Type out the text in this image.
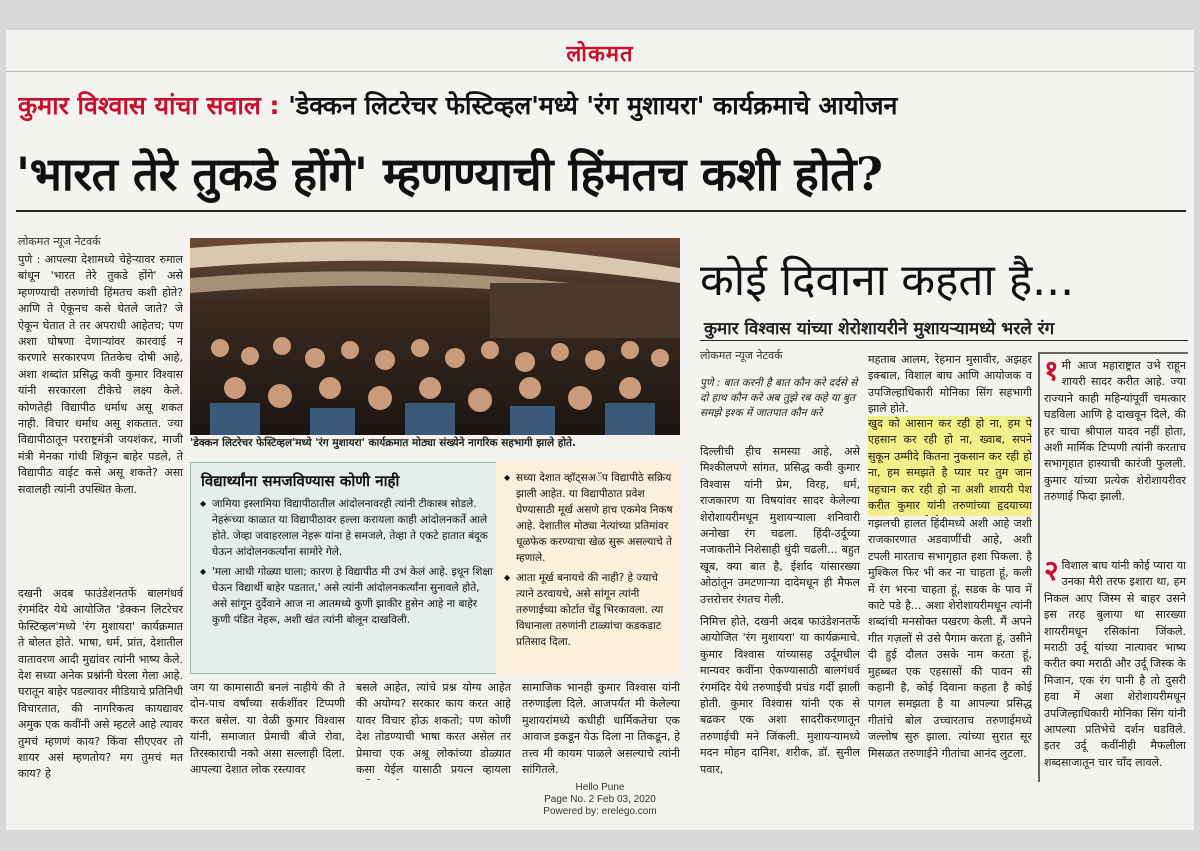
लोकमत
कुमार विश्वास यांचा सवाल : 'डेक्कन लिटरेचर फेस्टिव्हल'मध्ये 'रंग मुशायरा' कार्यक्रमाचे आयोजन
'भारत तेरे तुकडे होंगे' म्हणण्याची हिंमतच कशी होते?
लोकमत न्यूज नेटवर्क
पुणे : आपल्या देशामध्ये चेहेऱ्यावर रुमाल बांधून 'भारत तेरे तुकडे होंगे' असे म्हणण्याची तरुणांची हिंमतच कशी होते? आणि ते ऐकूनच कसे घेतले जाते? जे ऐकून घेतात ते तर अपराधी आहेतच; पण अशा घोषणा देणाऱ्यांवर कारवाई न करणारे सरकारपण तितकेच दोषी आहे, अशा शब्दांत प्रसिद्ध कवी कुमार विश्वास यांनी सरकारला टीकेचे लक्ष्य केले. कोणतेही विद्यापीठ धर्माध असू शकत नाही. विचार धर्माध असू शकतात. ज्या विद्यापीठातून परराष्ट्रमंत्री जयशंकर, माजी मंत्री मेनका गांधी शिकून बाहेर पडले, ते विद्यापीठ वाईट कसे असू शकते? असा सवालही त्यांनी उपस्थित केला.
दखनी अदब फाउंडेशनतर्फे बालगंधर्व रंगमंदिर येथे आयोजित 'डेक्कन लिटरेचर फेस्टिव्हल'मध्ये 'रंग मुशायरा' कार्यक्रमात ते बोलत होते. भाषा, धर्म, प्रांत, देशातील वातावरण आदी मुद्यांवर त्यांनी भाष्य केले. देश सध्या अनेक प्रश्नांनी घेरला गेला आहे. घरातून बाहेर पडल्यावर मीडियाचे प्रतिनिधी विचारतात, की नागरिकत्व कायद्यावर अमुक एक कवींनी असे म्हटले आहे त्यावर तुमचं म्हणणं काय? किंवा सीएएवर तो शायर असं म्हणतोय? मग तुमचं मत काय? हे
'डेक्कन लिटरेचर फेस्टिव्हल'मध्ये 'रंग मुशायरा' कार्यक्रमात मोठ्या संख्येने नागरिक सहभागी झाले होते.
विद्यार्थ्यांना समजविण्यास कोणी नाही
◆ जामिया इस्लामिया विद्यापीठातील आंदोलनावरही त्यांनी टीकास्त्र सोडले. नेहरूंच्या काळात या विद्यापीठावर हल्ला करायला काही आंदोलनकर्ते आले होते. जेव्हा जवाहरलाल नेहरू यांना हे समजले, तेव्हा ते एकटे हातात बंदूक घेऊन आंदोलनकर्त्यांना सामोरे गेले.
◆ 'मला आधी गोळ्या घाला; कारण हे विद्यापीठ मी उभं केलं आहे. इथून शिक्षा घेऊन विद्यार्थी बाहेर पडतात,' असे त्यांनी आंदोलनकर्त्यांना सुनावले होते, असे सांगून दुर्देवाने आज ना आतमध्ये कुणी झाकीर हुसेन आहे ना बाहेर कुणी पंडित नेहरू, अशी खंत त्यांनी बोलून दाखविली.
◆ सध्या देशात व्हॉट्सअॅप विद्यापीठे सक्रिय झाली आहेत. या विद्यापीठात प्रवेश घेण्यासाठी मूर्ख असणे हाच एकमेव निकष आहे. देशातील मोठ्या नेत्यांच्या प्रतिमांवर धूळफेक करण्याचा खेळ सुरू असल्याचे ते म्हणाले.
◆ आता मूर्ख बनायचे की नाही? हे ज्याचे त्याने ठरवायचे, असे सांगून त्यांनी तरुणाईच्या कोर्टात चेंडू भिरकावला. त्या विधानाला तरुणांनी टाळ्यांचा कडकडाट प्रतिसाद दिला.
जग या कामासाठी बनलं नाहीये की ते दोन-पाच वर्षांच्या सर्कशींवर टिप्पणी करत बसेल. या वेळी कुमार विश्वास यांनी, समाजात प्रेमाची बीजे रोवा, तिरस्काराची नको असा सल्लाही दिला. आपल्या देशात लोक रस्त्यावर
बसले आहेत, त्यांचे प्रश्न योग्य आहेत की अयोग्य? सरकार काय करत आहे यावर विचार होऊ शकतो; पण कोणी देश तोडण्याची भाषा करत असेल तर प्रेमाचा एक अश्रू लोकांच्या डोळ्यात कसा येईल यासाठी प्रयत्न व्हायला
सामाजिक भानही कुमार विश्वास यांनी तरुणाईला दिले. आजपर्यंत मी केलेल्या मुशायरांमध्ये कधीही धार्मिकतेचा एक आवाज इकडून येऊ दिला ना तिकडून, हे तत्त्व मी कायम पाळले असल्याचे त्यांनी सांगितले.
कोई दिवाना कहता है...
कुमार विश्वास यांच्या शेरोशायरीने मुशायऱ्यामध्ये भरले रंग
लोकमत न्यूज नेटवर्क
पुणे : बात करनी है बात कौन करे दर्दसे से दो हाथ कौन करे अब तुझे रब कहे या बुत समझे इश्क में जातपात कौन करे
दिल्लीची हीच समस्या आहे, असे मिश्कीलपणे सांगत, प्रसिद्ध कवी कुमार विश्वास यांनी प्रेम, विरह, धर्म, राजकारण या विषयांवर सादर केलेल्या शेरोशायरीमधून मुशायऱ्याला शनिवारी अनोखा रंग चढला. हिंदी-उर्दूच्या नजाकतीने निशेसाही धुंदी चढली... बहुत खूब, क्या बात है, ईर्शाद यांसारख्या ओठांतून उमटणाऱ्या दादेमधून ही मैफल उत्तरोत्तर रंगतच गेली.
निमित्त होते, दखनी अदब फाउंडेशनतर्फे आयोजित 'रंग मुशायरा' या कार्यक्रमाचे. कुमार विश्वास यांच्यासह उर्दूमधील मान्यवर कवींना ऐकण्यासाठी बालगंधर्व रंगमंदिर येथे तरुणाईची प्रचंड गर्दी झाली होती. कुमार विश्वास यांनी एक से बढकर एक अशा सादरीकरणातून तरुणाईची मने जिंकली. मुशायऱ्यामध्ये मदन मोहन दानिश, शरीक, डॉ. सुनील पवार,
महताब आलम, रेहमान मुसावीर, अझहर इक्बाल, विशाल बाघ आणि आयोजक व उपजिल्हाधिकारी मोनिका सिंग सहभागी झाले होते.
खुद को आसान कर रही हो ना, हम पे एहसान कर रही हो ना, ख्वाब, सपने सुकून उम्मीदे कितना नुकसान कर रही हो ना, हम समझते है प्यार पर तुम जान पहचान कर रही हो ना अशी शायरी पेश करीत कुमार यांनी तरुणांच्या हृदयाच्या
गझलची हालत हिंदीमध्ये अशी आहे जशी राजकारणात अडवाणींची आहे, अशी टपली मारताच सभागृहात हशा पिकला. है मुश्किल फिर भी कर ना चाहता हूं, कली में रंग भरना चाहता हूं, सडक के पाव में काटे पडे है... अशा शेरोशायरीमधून त्यांनी शब्दांची मनसोक्त पखरण केली. मैं अपने गीत गज़लों से उसे पैगाम करता हूं, उसीने दी हुई दौलत उसके नाम करता हूं, मुहब्बत एक एहसासों की पावन सी कहानी है, कोई दिवाना कहता है कोई पागल समझता है या आपल्या प्रसिद्ध गीतांचे बोल उच्चारताच तरुणाईमध्ये जल्लोष सुरु झाला. त्यांच्या सुरात सूर मिसळत तरुणाईने गीतांचा आनंद लुटला.
१ मी आज महाराष्ट्रात उभे राहून शायरी सादर करीत आहे. ज्या राज्याने काही महिन्यांपूर्वी चमत्कार घडविला आणि हे दाखवून दिले, की हर चाचा श्रीपाल यादव नहीं होता, अशी मार्मिक टिप्पणी त्यांनी करताच सभागृहात हास्याची कारंजी फुलली. कुमार यांच्या प्रत्येक शेरोशायरीवर तरुणाई फिदा झाली.
२ विशाल बाघ यांनी कोई प्यारा या उनका मैरी तरफ इशारा था, हम निकल आए जिस्म से बाहर उसने इस तरह बुलाया था सारख्या शायरीमधून रसिकांना जिंकले. मराठी उर्दू यांच्या नात्यावर भाष्य करीत क्या मराठी और उर्दू जिस्क के मिजान, एक रंग पानी है तो दुसरी हवा में अशा शेरोशायरीमधून उपजिल्हाधिकारी मोनिका सिंग यांनी आपल्या प्रतिभेचे दर्शन घडविले. इतर उर्दू कवींनीही मैफलीला शब्दसाजातून चार चाँद लावले.
Hello Pune
Page No. 2 Feb 03, 2020
Powered by: erelego.com
